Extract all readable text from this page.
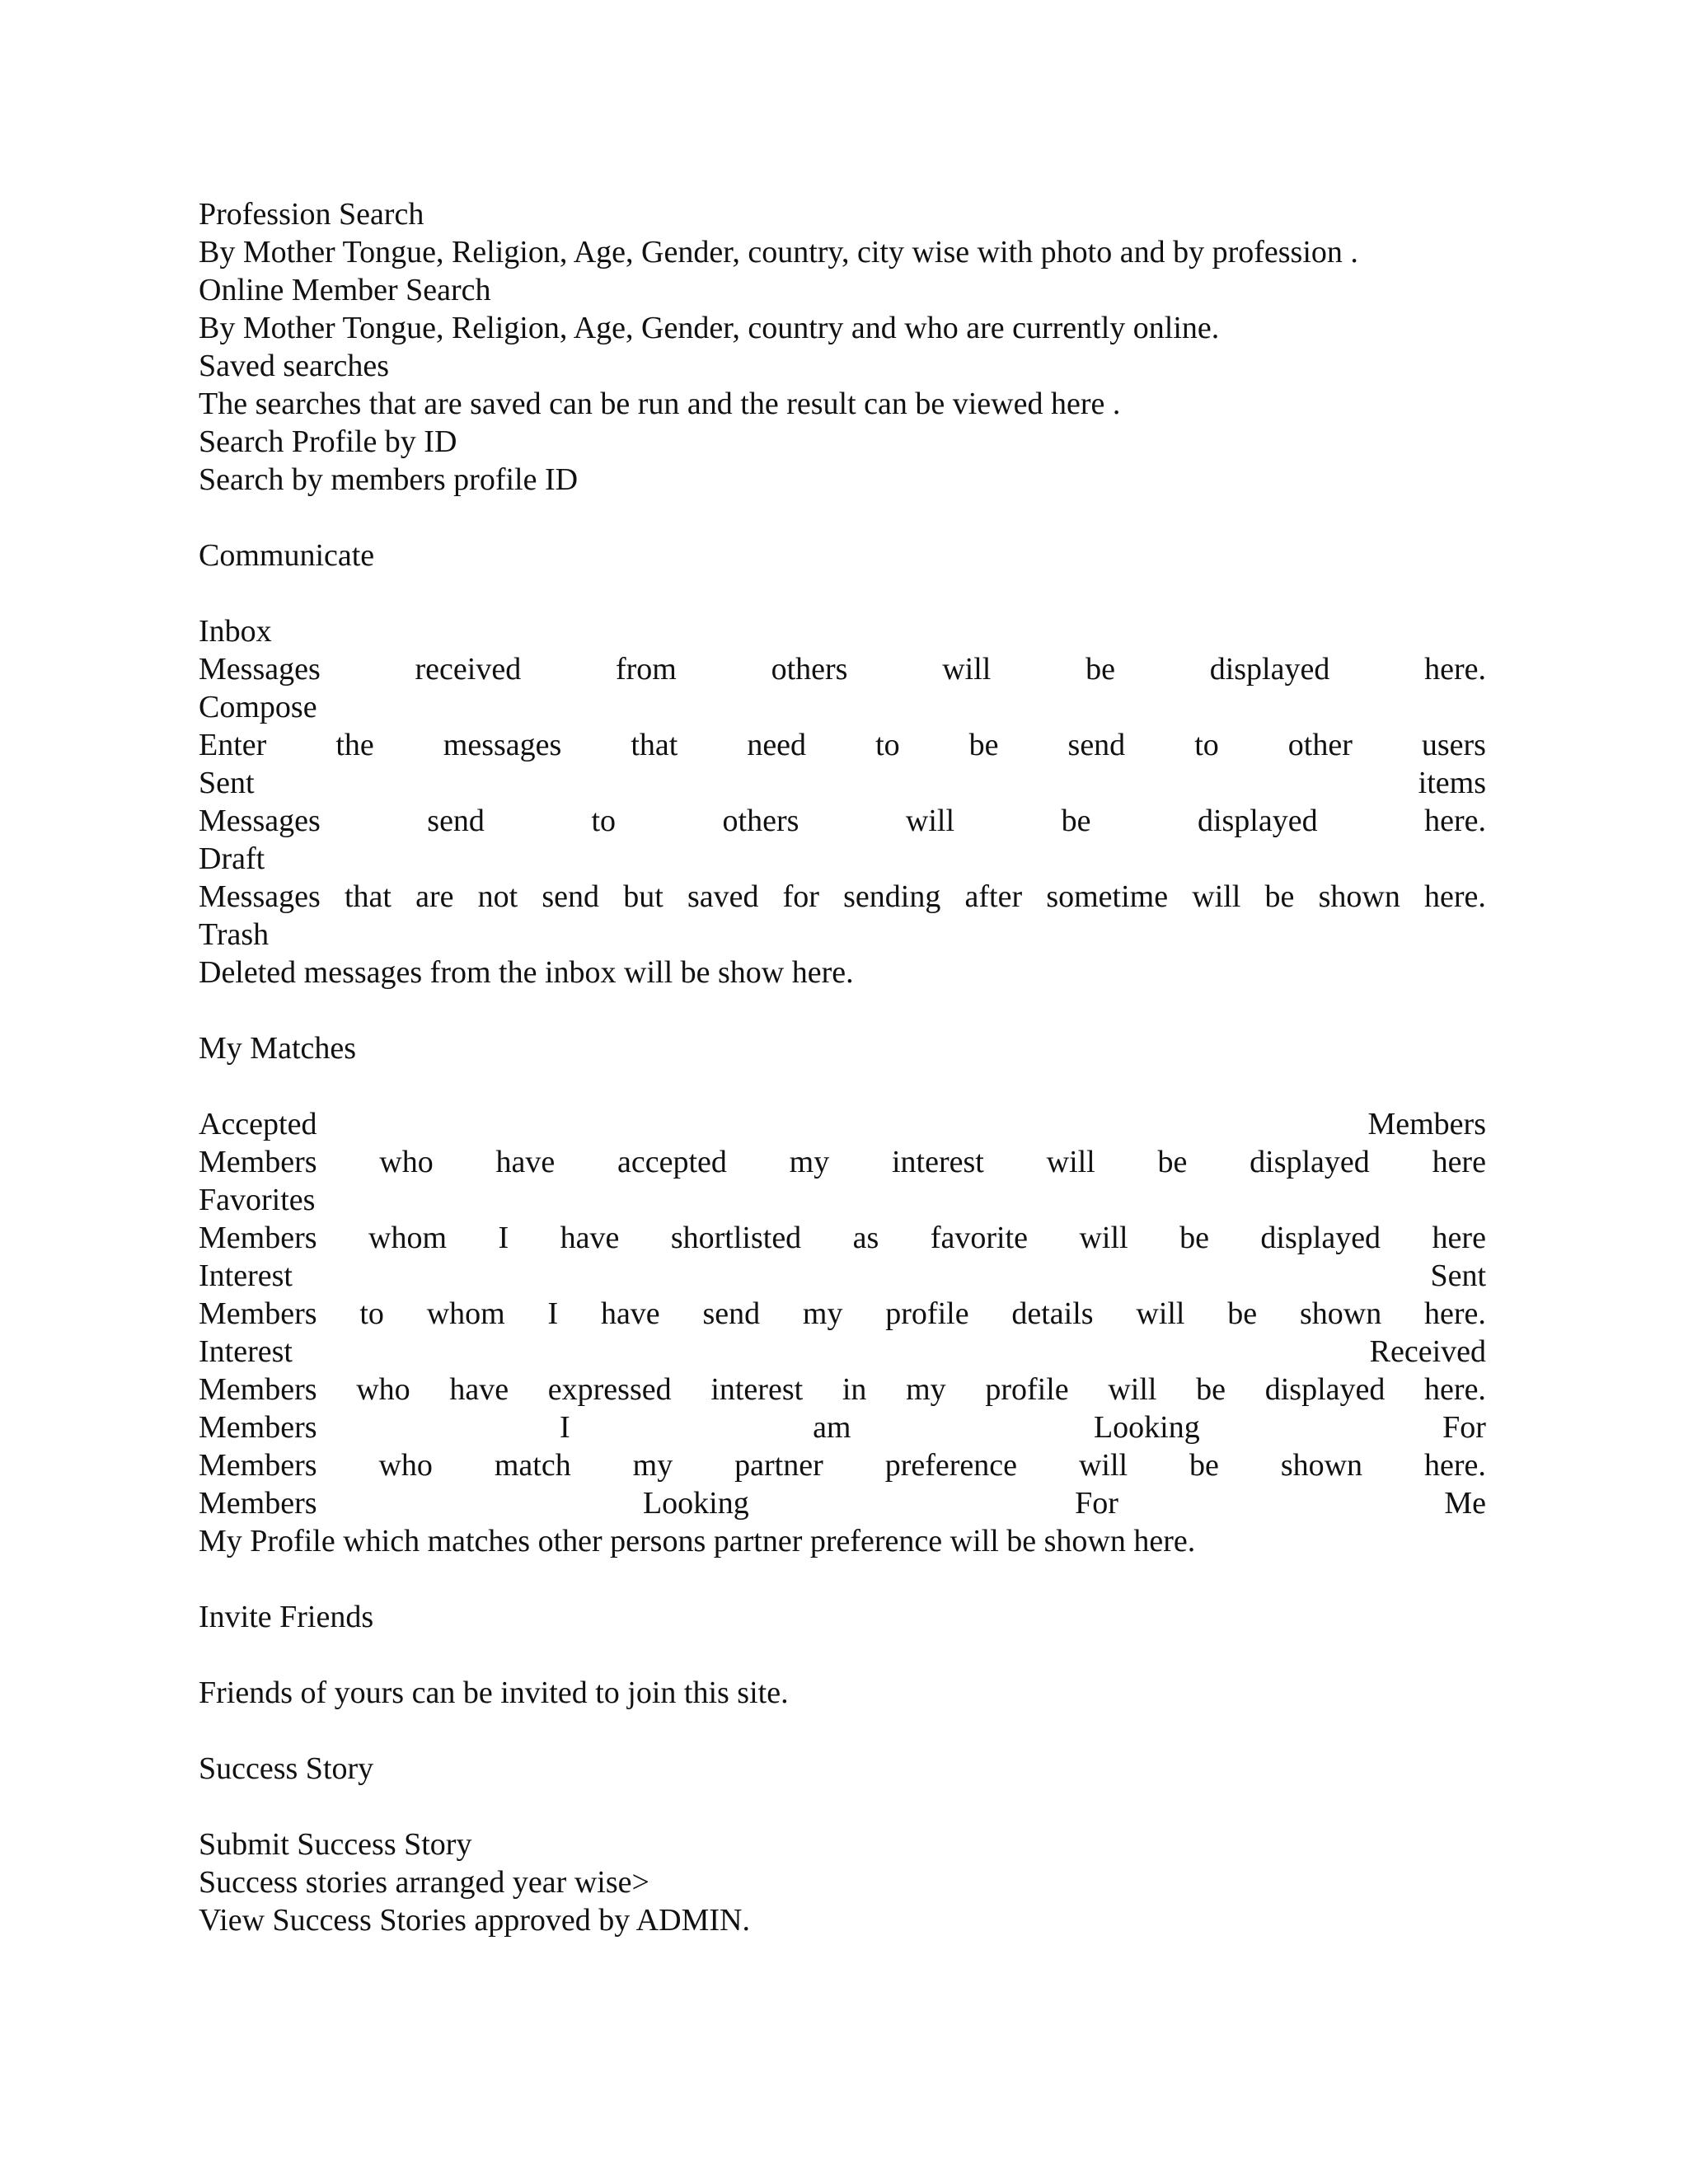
Profession Search
By Mother Tongue, Religion, Age, Gender, country, city wise with photo and by profession .
Online Member Search
By Mother Tongue, Religion, Age, Gender, country and who are currently online.
Saved searches
The searches that are saved can be run and the result can be viewed here .
Search Profile by ID
Search by members profile ID
Communicate
Inbox
Messages	received	from	others	will	be	displayed	here.
Compose
Enter the messages that need to be send to other users
Sent	items
Messages	send	to	others	will	be	displayed	here.
Draft
Messages that are not send but saved for sending after sometime will be shown here.
Trash
Deleted messages from the inbox will be show here.
My Matches
Accepted	Members
Members who have accepted my interest will be displayed here
Favorites
Members whom I have shortlisted as favorite will be displayed here
Interest	Sent
Members to whom I have send my profile details will be shown here.
Interest	Received
Members who have expressed interest in my profile will be displayed here.
Members	I	am	Looking	For
Members who match my partner preference will be shown here.
Members	Looking	For	Me
My Profile which matches other persons partner preference will be shown here.
Invite Friends
Friends of yours can be invited to join this site.
Success Story
Submit Success Story
Success stories arranged year wise>
View Success Stories approved by ADMIN.
